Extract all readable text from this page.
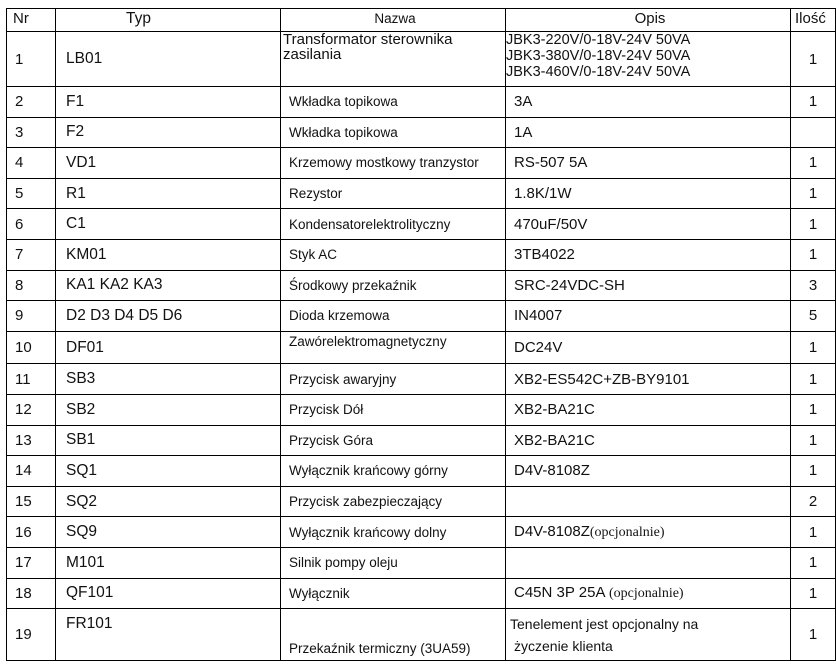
Nr	Typ	Nazwa	Opis	Ilość
1	LB01	Transformator sterownika zasilania	JBK3-220V/0-18V-24V 50VA
JBK3-380V/0-18V-24V 50VA
JBK3-460V/0-18V-24V 50VA	1
2	F1	Wkładka topikowa	3A	1
3	F2	Wkładka topikowa	1A	
4	VD1	Krzemowy mostkowy tranzystor	RS-507 5A	1
5	R1	Rezystor	1.8K/1W	1
6	C1	Kondensatorelektrolityczny	470uF/50V	1
7	KM01	Styk AC	3TB4022	1
8	KA1 KA2 KA3	Środkowy przekaźnik	SRC-24VDC-SH	3
9	D2 D3 D4 D5 D6	Dioda krzemowa	IN4007	5
10	DF01	Zawórelektromagnetyczny	DC24V	1
11	SB3	Przycisk awaryjny	XB2-ES542C+ZB-BY9101	1
12	SB2	Przycisk Dół	XB2-BA21C	1
13	SB1	Przycisk Góra	XB2-BA21C	1
14	SQ1	Wyłącznik krańcowy górny	D4V-8108Z	1
15	SQ2	Przycisk zabezpieczający		2
16	SQ9	Wyłącznik krańcowy dolny	D4V-8108Z(opcjonalnie)	1
17	M101	Silnik pompy oleju		1
18	QF101	Wyłącznik	C45N 3P 25A (opcjonalnie)	1
19	FR101	Przekaźnik termiczny (3UA59)	Tenelement jest opcjonalny na
życzenie klienta	1
